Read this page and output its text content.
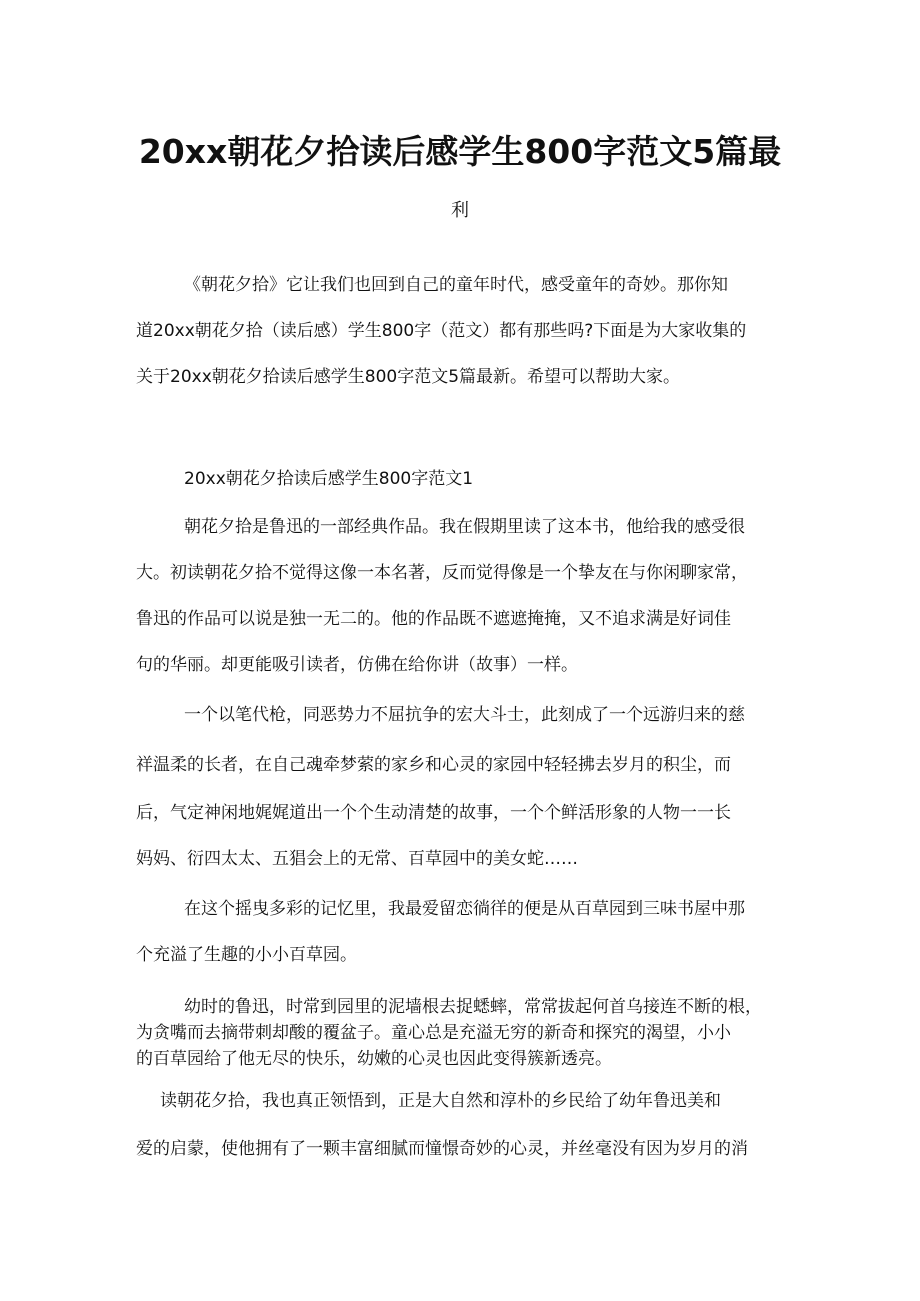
20xx朝花夕拾读后感学生800字范文5篇最
利
《朝花夕拾》它让我们也回到自己的童年时代，感受童年的奇妙。那你知
道20xx朝花夕拾（读后感）学生800字（范文）都有那些吗?下面是为大家收集的
关于20xx朝花夕拾读后感学生800字范文5篇最新。希望可以帮助大家。
20xx朝花夕拾读后感学生800字范文1
朝花夕拾是鲁迅的一部经典作品。我在假期里读了这本书，他给我的感受很
大。初读朝花夕拾不觉得这像一本名著，反而觉得像是一个挚友在与你闲聊家常，
鲁迅的作品可以说是独一无二的。他的作品既不遮遮掩掩，又不追求满是好词佳
句的华丽。却更能吸引读者，仿佛在给你讲（故事）一样。
一个以笔代枪，同恶势力不屈抗争的宏大斗士，此刻成了一个远游归来的慈
祥温柔的长者，在自己魂牵梦萦的家乡和心灵的家园中轻轻拂去岁月的积尘，而
后，气定神闲地娓娓道出一个个生动清楚的故事，一个个鲜活形象的人物一一长
妈妈、衍四太太、五猖会上的无常、百草园中的美女蛇……
在这个摇曳多彩的记忆里，我最爱留恋徜徉的便是从百草园到三味书屋中那
个充溢了生趣的小小百草园。
幼时的鲁迅，时常到园里的泥墙根去捉蟋蟀，常常拔起何首乌接连不断的根，
为贪嘴而去摘带刺却酸的覆盆子。童心总是充溢无穷的新奇和探究的渴望，小小
的百草园给了他无尽的快乐，幼嫩的心灵也因此变得簇新透亮。
读朝花夕拾，我也真正领悟到，正是大自然和淳朴的乡民给了幼年鲁迅美和
爱的启蒙，使他拥有了一颗丰富细腻而憧憬奇妙的心灵，并丝毫没有因为岁月的消
